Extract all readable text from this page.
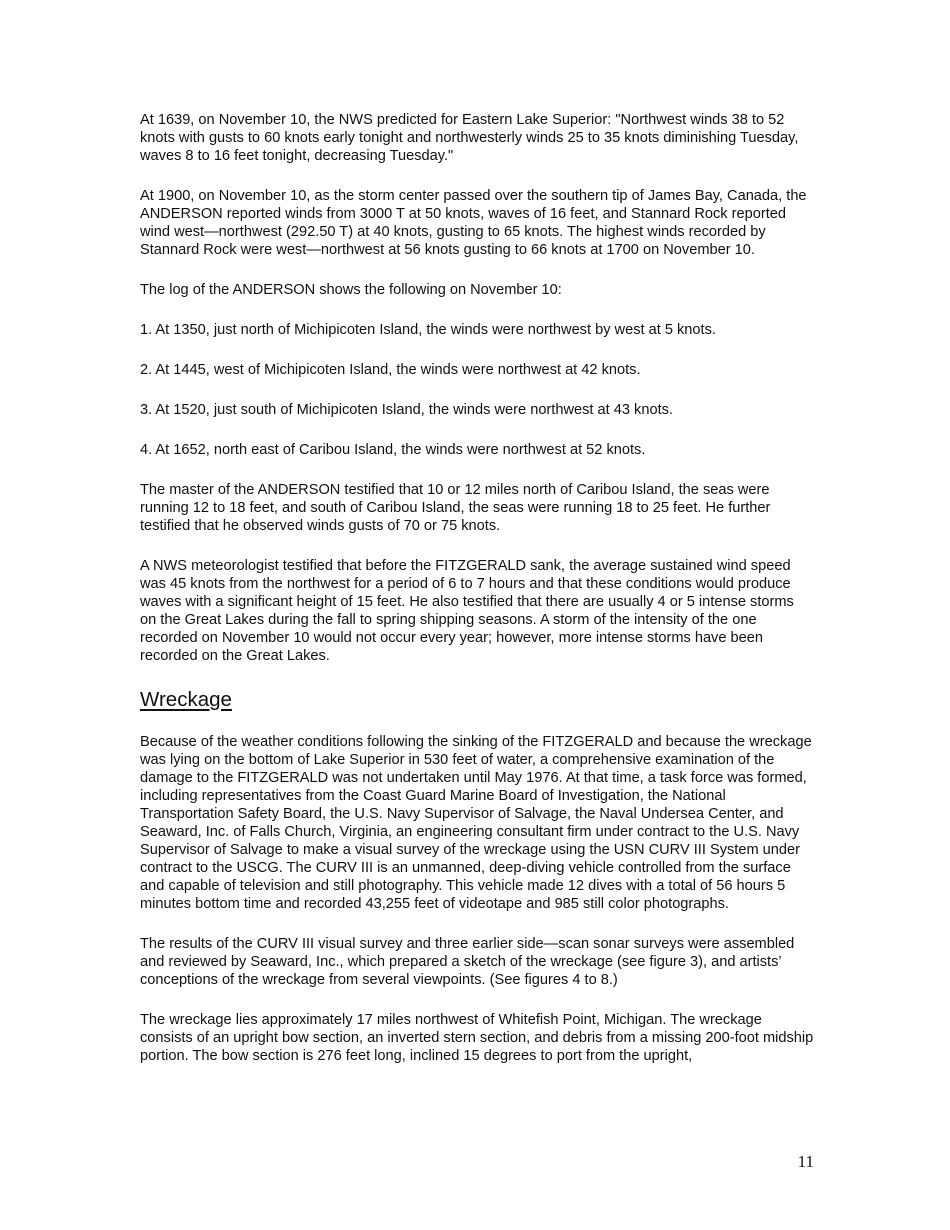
At 1639, on November 10, the NWS predicted for Eastern Lake Superior: "Northwest winds 38 to 52 knots with gusts to 60 knots early tonight and northwesterly winds 25 to 35 knots diminishing Tuesday, waves 8 to 16 feet tonight, decreasing Tuesday."

At 1900, on November 10, as the storm center passed over the southern tip of James Bay, Canada, the ANDERSON reported winds from 3000 T at 50 knots, waves of 16 feet, and Stannard Rock reported wind west—northwest (292.50 T) at 40 knots, gusting to 65 knots. The highest winds recorded by Stannard Rock were west—northwest at 56 knots gusting to 66 knots at 1700 on November 10.

The log of the ANDERSON shows the following on November 10:

1. At 1350, just north of Michipicoten Island, the winds were northwest by west at 5 knots.

2. At 1445, west of Michipicoten Island, the winds were northwest at 42 knots.

3. At 1520, just south of Michipicoten Island, the winds were northwest at 43 knots.

4. At 1652, north east of Caribou Island, the winds were northwest at 52 knots.

The master of the ANDERSON testified that 10 or 12 miles north of Caribou Island, the seas were running 12 to 18 feet, and south of Caribou Island, the seas were running 18 to 25 feet. He further testified that he observed winds gusts of 70 or 75 knots.

A NWS meteorologist testified that before the FITZGERALD sank, the average sustained wind speed was 45 knots from the northwest for a period of 6 to 7 hours and that these conditions would produce waves with a significant height of 15 feet. He also testified that there are usually 4 or 5 intense storms on the Great Lakes during the fall to spring shipping seasons. A storm of the intensity of the one recorded on November 10 would not occur every year; however, more intense storms have been recorded on the Great Lakes.

Wreckage

Because of the weather conditions following the sinking of the FITZGERALD and because the wreckage was lying on the bottom of Lake Superior in 530 feet of water, a comprehensive examination of the damage to the FITZGERALD was not undertaken until May 1976. At that time, a task force was formed, including representatives from the Coast Guard Marine Board of Investigation, the National Transportation Safety Board, the U.S. Navy Supervisor of Salvage, the Naval Undersea Center, and Seaward, Inc. of Falls Church, Virginia, an engineering consultant firm under contract to the U.S. Navy Supervisor of Salvage to make a visual survey of the wreckage using the USN CURV III System under contract to the USCG. The CURV III is an unmanned, deep-diving vehicle controlled from the surface and capable of television and still photography. This vehicle made 12 dives with a total of 56 hours 5 minutes bottom time and recorded 43,255 feet of videotape and 985 still color photographs.

The results of the CURV III visual survey and three earlier side—scan sonar surveys were assembled and reviewed by Seaward, Inc., which prepared a sketch of the wreckage (see figure 3), and artists’ conceptions of the wreckage from several viewpoints. (See figures 4 to 8.)

The wreckage lies approximately 17 miles northwest of Whitefish Point, Michigan. The wreckage consists of an upright bow section, an inverted stern section, and debris from a missing 200-foot midship portion. The bow section is 276 feet long, inclined 15 degrees to port from the upright,

11
